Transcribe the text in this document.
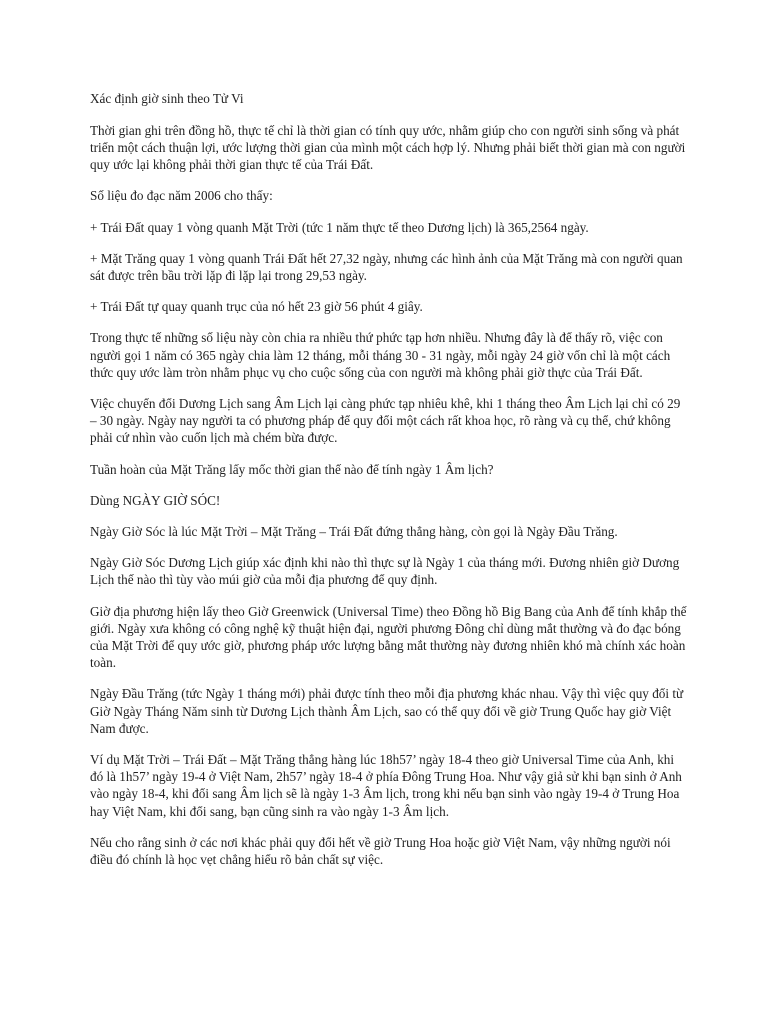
Xác định giờ sinh theo Tử Vi

Thời gian ghi trên đồng hồ, thực tế chỉ là thời gian có tính quy ước, nhằm giúp cho con người sinh sống và phát triển một cách thuận lợi, ước lượng thời gian của mình một cách hợp lý. Nhưng phải biết thời gian mà con người quy ước lại không phải thời gian thực tế của Trái Đất.

Số liệu đo đạc năm 2006 cho thấy:

+ Trái Đất quay 1 vòng quanh Mặt Trời (tức 1 năm thực tế theo Dương lịch) là 365,2564 ngày.

+ Mặt Trăng quay 1 vòng quanh Trái Đất hết 27,32 ngày, nhưng các hình ảnh của Mặt Trăng mà con người quan sát được trên bầu trời lặp đi lặp lại trong 29,53 ngày.

+ Trái Đất tự quay quanh trục của nó hết 23 giờ 56 phút 4 giây.

Trong thực tế những số liệu này còn chia ra nhiều thứ phức tạp hơn nhiều. Nhưng đây là để thấy rõ, việc con người gọi 1 năm có 365 ngày chia làm 12 tháng, mỗi tháng 30 - 31 ngày, mỗi ngày 24 giờ vốn chỉ là một cách thức quy ước làm tròn nhằm phục vụ cho cuộc sống của con người mà không phải giờ thực của Trái Đất.

Việc chuyển đổi Dương Lịch sang Âm Lịch lại càng phức tạp nhiêu khê, khi 1 tháng theo Âm Lịch lại chỉ có 29 – 30 ngày. Ngày nay người ta có phương pháp để quy đổi một cách rất khoa học, rõ ràng và cụ thể, chứ không phải cứ nhìn vào cuốn lịch mà chém bừa được.

Tuần hoàn của Mặt Trăng lấy mốc thời gian thế nào để tính ngày 1 Âm lịch?

Dùng NGÀY GIỜ SÓC!

Ngày Giờ Sóc là lúc Mặt Trời – Mặt Trăng – Trái Đất đứng thẳng hàng, còn gọi là Ngày Đầu Trăng.

Ngày Giờ Sóc Dương Lịch giúp xác định khi nào thì thực sự là Ngày 1 của tháng mới. Đương nhiên giờ Dương Lịch thế nào thì tùy vào múi giờ của mỗi địa phương để quy định.

Giờ địa phương hiện lấy theo Giờ Greenwick (Universal Time) theo Đồng hồ Big Bang của Anh để tính khắp thế giới. Ngày xưa không có công nghệ kỹ thuật hiện đại, người phương Đông chỉ dùng mắt thường và đo đạc bóng của Mặt Trời để quy ước giờ, phương pháp ước lượng bằng mắt thường này đương nhiên khó mà chính xác hoàn toàn.

Ngày Đầu Trăng (tức Ngày 1 tháng mới) phải được tính theo mỗi địa phương khác nhau. Vậy thì việc quy đổi từ Giờ Ngày Tháng Năm sinh từ Dương Lịch thành Âm Lịch, sao có thể quy đổi về giờ Trung Quốc hay giờ Việt Nam được.

Ví dụ Mặt Trời – Trái Đất – Mặt Trăng thẳng hàng lúc 18h57’ ngày 18-4 theo giờ Universal Time của Anh, khi đó là 1h57’ ngày 19-4 ở Việt Nam, 2h57’ ngày 18-4 ở phía Đông Trung Hoa. Như vậy giả sử khi bạn sinh ở Anh vào ngày 18-4, khi đổi sang Âm lịch sẽ là ngày 1-3 Âm lịch, trong khi nếu bạn sinh vào ngày 19-4 ở Trung Hoa hay Việt Nam, khi đổi sang, bạn cũng sinh ra vào ngày 1-3 Âm lịch.

Nếu cho rằng sinh ở các nơi khác phải quy đổi hết về giờ Trung Hoa hoặc giờ Việt Nam, vậy những người nói điều đó chính là học vẹt chẳng hiểu rõ bản chất sự việc.
